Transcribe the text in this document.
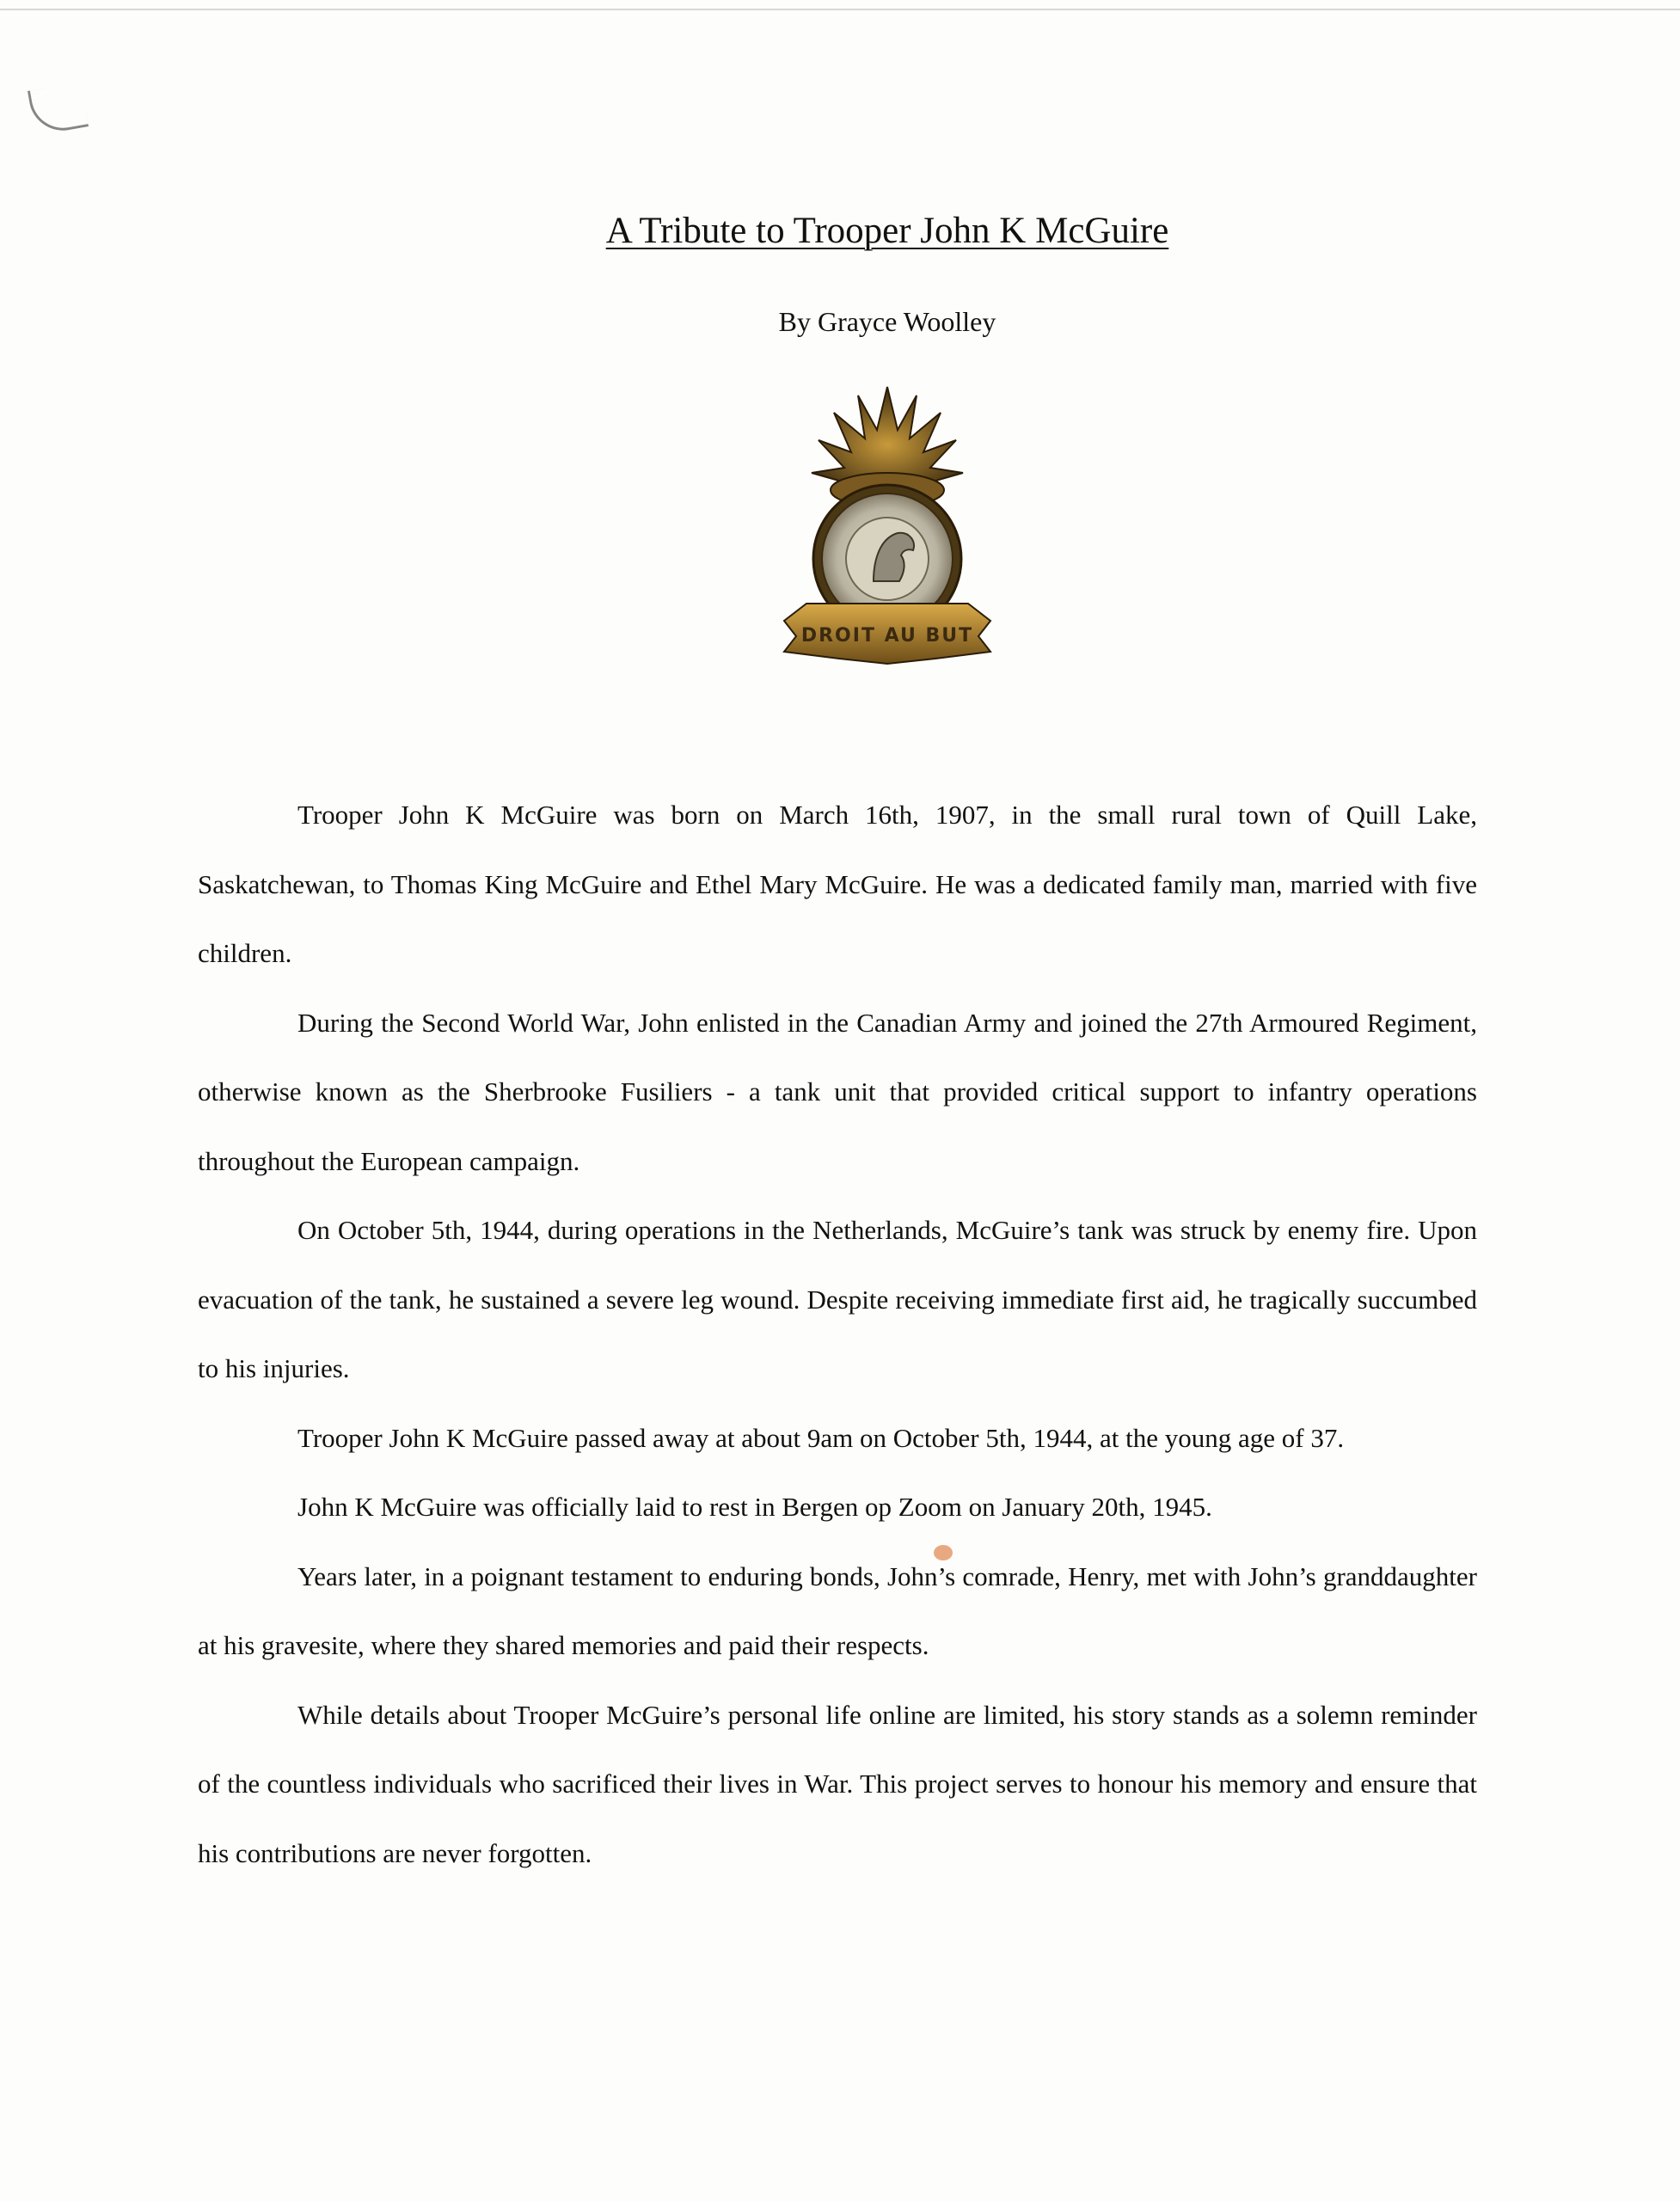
A Tribute to Trooper John K McGuire
By Grayce Woolley
DROIT AU BUT

Trooper John K McGuire was born on March 16th, 1907, in the small rural town of Quill Lake, Saskatchewan, to Thomas King McGuire and Ethel Mary McGuire. He was a dedicated family man, married with five children.

During the Second World War, John enlisted in the Canadian Army and joined the 27th Armoured Regiment, otherwise known as the Sherbrooke Fusiliers - a tank unit that provided critical support to infantry operations throughout the European campaign.

On October 5th, 1944, during operations in the Netherlands, McGuire’s tank was struck by enemy fire. Upon evacuation of the tank, he sustained a severe leg wound. Despite receiving immediate first aid, he tragically succumbed to his injuries.

Trooper John K McGuire passed away at about 9am on October 5th, 1944, at the young age of 37.

John K McGuire was officially laid to rest in Bergen op Zoom on January 20th, 1945.

Years later, in a poignant testament to enduring bonds, John’s comrade, Henry, met with John’s granddaughter at his gravesite, where they shared memories and paid their respects.

While details about Trooper McGuire’s personal life online are limited, his story stands as a solemn reminder of the countless individuals who sacrificed their lives in War. This project serves to honour his memory and ensure that his contributions are never forgotten.
